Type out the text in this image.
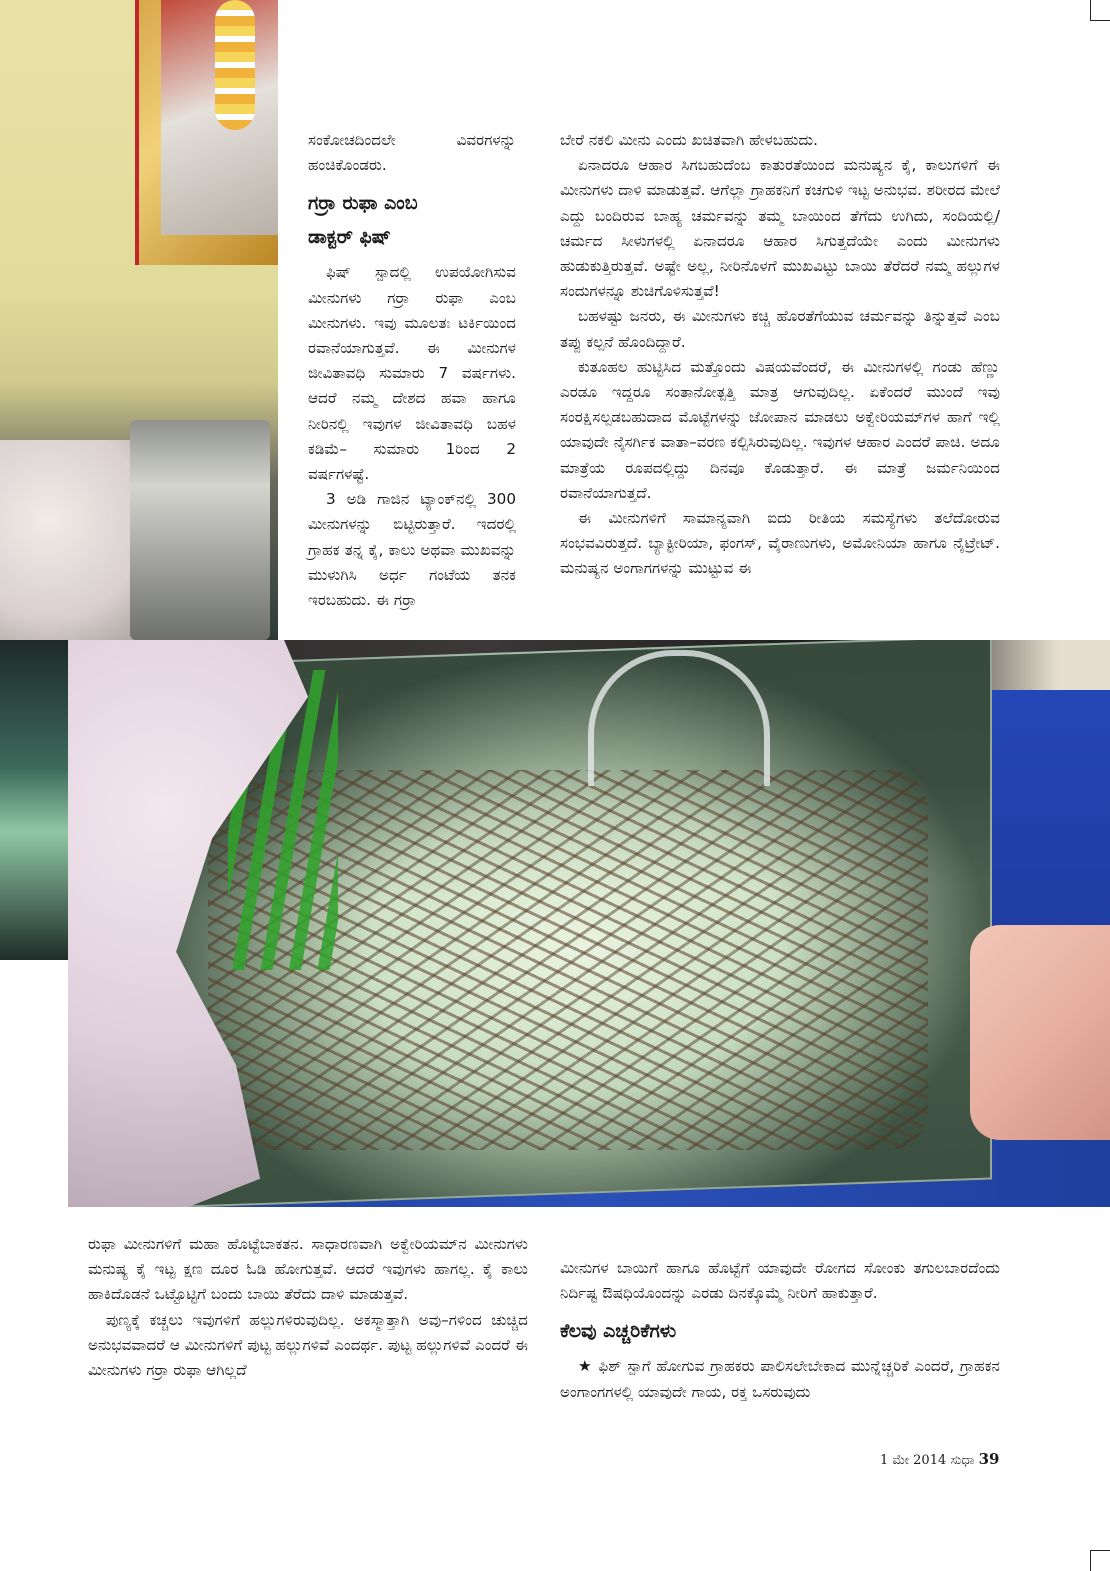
ಸಂಕೋಚದಿಂದಲೇ ವಿವರಗಳನ್ನು ಹಂಚಿಕೊಂಡರು.

ಗರ್ರಾ ರುಫಾ ಎಂಬ
ಡಾಕ್ಟರ್ ಫಿಷ್

ಫಿಷ್ ಸ್ಪಾದಲ್ಲಿ ಉಪಯೋಗಿಸುವ ಮೀನುಗಳು ಗರ್ರಾ ರುಫಾ ಎಂಬ ಮೀನುಗಳು. ಇವು ಮೂಲತಃ ಟರ್ಕಿಯಿಂದ ರವಾನೆಯಾಗುತ್ತವೆ. ಈ ಮೀನುಗಳ ಜೀವಿತಾವಧಿ ಸುಮಾರು 7 ವರ್ಷಗಳು. ಆದರೆ ನಮ್ಮ ದೇಶದ ಹವಾ ಹಾಗೂ ನೀರಿನಲ್ಲಿ ಇವುಗಳ ಜೀವಿತಾವಧಿ ಬಹಳ ಕಡಿಮೆ– ಸುಮಾರು 1ರಿಂದ 2 ವರ್ಷಗಳಷ್ಟೆ.

3 ಅಡಿ ಗಾಜಿನ ಟ್ಯಾಂಕ್‌ನಲ್ಲಿ 300 ಮೀನುಗಳನ್ನು ಬಿಟ್ಟಿರುತ್ತಾರೆ. ಇದರಲ್ಲಿ ಗ್ರಾಹಕ ತನ್ನ ಕೈ, ಕಾಲು ಅಥವಾ ಮುಖವನ್ನು ಮುಳುಗಿಸಿ ಅರ್ಧ ಗಂಟೆಯ ತನಕ ಇರಬಹುದು. ಈ ಗರ್ರಾ

ಬೇರೆ ನಕಲಿ ಮೀನು ಎಂದು ಖಚಿತವಾಗಿ ಹೇಳಬಹುದು.

ಏನಾದರೂ ಆಹಾರ ಸಿಗಬಹುದೆಂಬ ಕಾತುರತೆಯಿಂದ ಮನುಷ್ಯನ ಕೈ, ಕಾಲುಗಳಿಗೆ ಈ ಮೀನುಗಳು ದಾಳಿ ಮಾಡುತ್ತವೆ. ಆಗೆಲ್ಲಾ ಗ್ರಾಹಕನಿಗೆ ಕಚಗುಳಿ ಇಟ್ಟ ಅನುಭವ. ಶರೀರದ ಮೇಲೆ ಎದ್ದು ಬಂದಿರುವ ಬಾಹ್ಯ ಚರ್ಮವನ್ನು ತಮ್ಮ ಬಾಯಿಂದ ತೆಗೆದು ಉಗಿದು, ಸಂದಿಯಲ್ಲಿ/ ಚರ್ಮದ ಸೀಳುಗಳಲ್ಲಿ ಏನಾದರೂ ಆಹಾರ ಸಿಗುತ್ತದೆಯೇ ಎಂದು ಮೀನುಗಳು ಹುಡುಕುತ್ತಿರುತ್ತವೆ. ಅಷ್ಟೇ ಅಲ್ಲ, ನೀರಿನೊಳಗೆ ಮುಖವಿಟ್ಟು ಬಾಯಿ ತೆರೆದರೆ ನಮ್ಮ ಹಲ್ಲುಗಳ ಸಂದುಗಳನ್ನೂ ಶುಚಿಗೊಳಿಸುತ್ತವೆ!

ಬಹಳಷ್ಟು ಜನರು, ಈ ಮೀನುಗಳು ಕಚ್ಚಿ ಹೊರತೆಗೆಯುವ ಚರ್ಮವನ್ನು ತಿನ್ನುತ್ತವೆ ಎಂಬ ತಪ್ಪು ಕಲ್ಪನೆ ಹೊಂದಿದ್ದಾರೆ.

ಕುತೂಹಲ ಹುಟ್ಟಿಸಿದ ಮತ್ತೊಂದು ವಿಷಯವೆಂದರೆ, ಈ ಮೀನುಗಳಲ್ಲಿ ಗಂಡು ಹೆಣ್ಣು ಎರಡೂ ಇದ್ದರೂ ಸಂತಾನೋತ್ಪತ್ತಿ ಮಾತ್ರ ಆಗುವುದಿಲ್ಲ. ಏಕೆಂದರೆ ಮುಂದೆ ಇವು ಸಂರಕ್ಷಿಸಲ್ಪಡಬಹುದಾದ ಮೊಟ್ಟೆಗಳನ್ನು ಜೋಪಾನ ಮಾಡಲು ಅಕ್ವೇರಿಯಮ್‌ಗಳ ಹಾಗೆ ಇಲ್ಲಿ ಯಾವುದೇ ನೈಸರ್ಗಿಕ ವಾತಾ–ವರಣ ಕಲ್ಪಿಸಿರುವುದಿಲ್ಲ. ಇವುಗಳ ಆಹಾರ ಎಂದರೆ ಪಾಚಿ. ಅದೂ ಮಾತ್ರೆಯ ರೂಪದಲ್ಲಿದ್ದು ದಿನವೂ ಕೊಡುತ್ತಾರೆ. ಈ ಮಾತ್ರೆ ಜರ್ಮನಿಯಿಂದ ರವಾನೆಯಾಗುತ್ತದೆ.

ಈ ಮೀನುಗಳಿಗೆ ಸಾಮಾನ್ಯವಾಗಿ ಐದು ರೀತಿಯ ಸಮಸ್ಯೆಗಳು ತಲೆದೋರುವ ಸಂಭವವಿರುತ್ತದೆ. ಬ್ಯಾಕ್ಟೀರಿಯಾ, ಫಂಗಸ್, ವೈರಾಣುಗಳು, ಅಮೋನಿಯಾ ಹಾಗೂ ನೈಟ್ರೇಟ್. ಮನುಷ್ಯನ ಅಂಗಾಗಗಳನ್ನು ಮುಟ್ಟುವ ಈ

ರುಫಾ ಮೀನುಗಳಿಗೆ ಮಹಾ ಹೊಟ್ಟೆಬಾಕತನ. ಸಾಧಾರಣವಾಗಿ ಅಕ್ವೇರಿಯಮ್‌ನ ಮೀನುಗಳು ಮನುಷ್ಯ ಕೈ ಇಟ್ಟ ಕ್ಷಣ ದೂರ ಓಡಿ ಹೋಗುತ್ತವೆ. ಆದರೆ ಇವುಗಳು ಹಾಗಲ್ಲ. ಕೈ ಕಾಲು ಹಾಕಿದೊಡನೆ ಒಟ್ಟೊಟ್ಟಿಗೆ ಬಂದು ಬಾಯಿ ತೆರೆದು ದಾಳಿ ಮಾಡುತ್ತವೆ.

ಪುಣ್ಯಕ್ಕೆ ಕಚ್ಚಲು ಇವುಗಳಿಗೆ ಹಲ್ಲುಗಳಿರುವುದಿಲ್ಲ. ಅಕಸ್ಮಾತ್ತಾಗಿ ಅವು–ಗಳಿಂದ ಚುಚ್ಚಿದ ಅನುಭವವಾದರೆ ಆ ಮೀನುಗಳಿಗೆ ಪುಟ್ಟ ಹಲ್ಲುಗಳಿವೆ ಎಂದರ್ಥ. ಪುಟ್ಟ ಹಲ್ಲುಗಳಿವೆ ಎಂದರೆ ಈ ಮೀನುಗಳು ಗರ್ರಾ ರುಫಾ ಆಗಿಲ್ಲದೆ

ಮೀನುಗಳ ಬಾಯಿಗೆ ಹಾಗೂ ಹೊಟ್ಟೆಗೆ ಯಾವುದೇ ರೋಗದ ಸೋಂಕು ತಗುಲಬಾರದೆಂದು ನಿರ್ದಿಷ್ಟ ಔಷಧಿಯೊಂದನ್ನು ಎರಡು ದಿನಕ್ಕೊಮ್ಮೆ ನೀರಿಗೆ ಹಾಕುತ್ತಾರೆ.

ಕೆಲವು ಎಚ್ಚರಿಕೆಗಳು

★ ಫಿಶ್ ಸ್ಪಾಗೆ ಹೋಗುವ ಗ್ರಾಹಕರು ಪಾಲಿಸಲೇಬೇಕಾದ ಮುನ್ನೆಚ್ಚರಿಕೆ ಎಂದರೆ, ಗ್ರಾಹಕನ ಅಂಗಾಂಗಗಳಲ್ಲಿ ಯಾವುದೇ ಗಾಯ, ರಕ್ತ ಒಸರುವುದು

1 ಮೇ 2014 ಸುಧಾ 39
